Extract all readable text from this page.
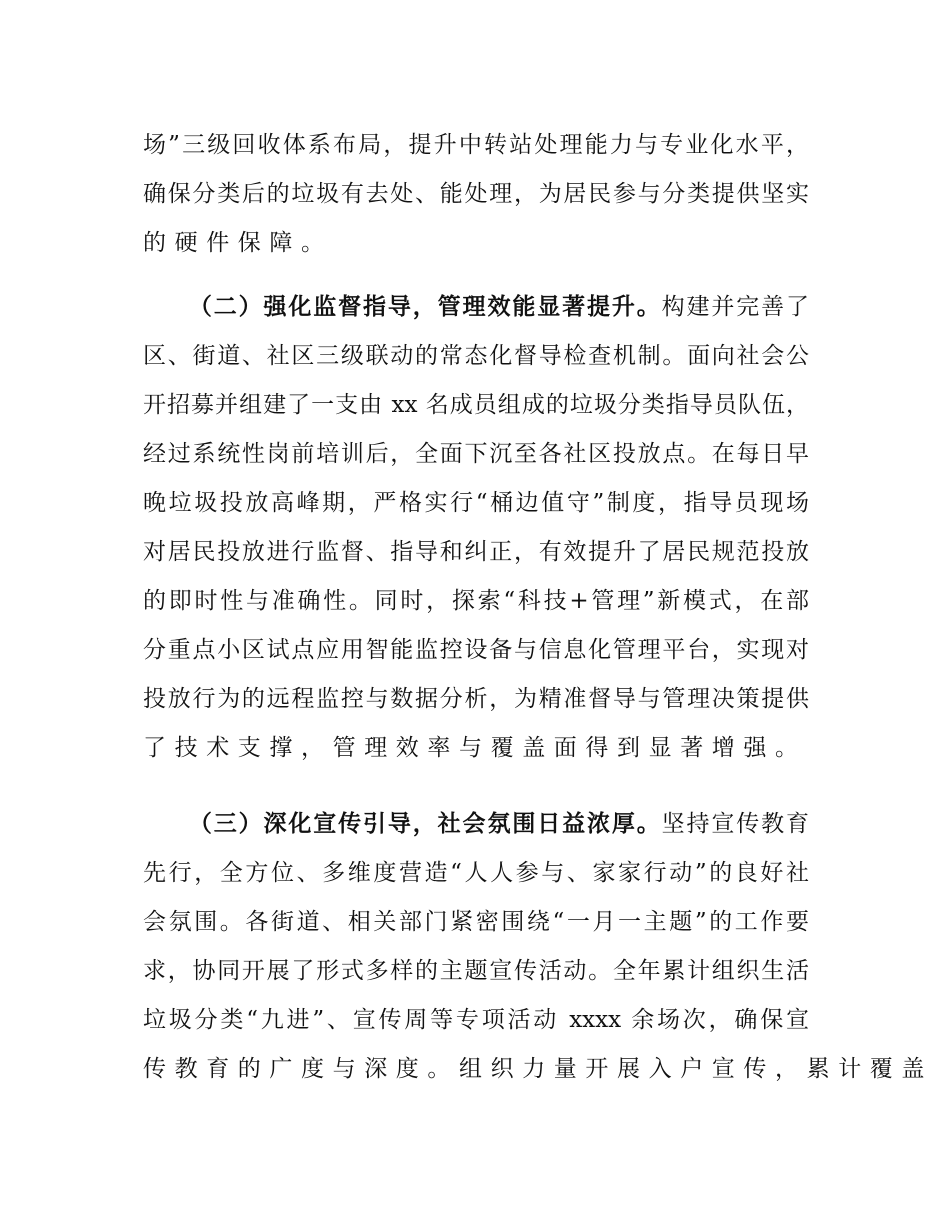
场”三级回收体系布局，提升中转站处理能力与专业化水平，
确保分类后的垃圾有去处、能处理，为居民参与分类提供坚实
的硬件保障。
（二）强化监督指导，管理效能显著提升。构建并完善了
区、街道、社区三级联动的常态化督导检查机制。面向社会公
开招募并组建了一支由 xx 名成员组成的垃圾分类指导员队伍，
经过系统性岗前培训后，全面下沉至各社区投放点。在每日早
晚垃圾投放高峰期，严格实行“桶边值守”制度，指导员现场
对居民投放进行监督、指导和纠正，有效提升了居民规范投放
的即时性与准确性。同时，探索“科技+管理”新模式，在部
分重点小区试点应用智能监控设备与信息化管理平台，实现对
投放行为的远程监控与数据分析，为精准督导与管理决策提供
了技术支撑，管理效率与覆盖面得到显著增强。
（三）深化宣传引导，社会氛围日益浓厚。坚持宣传教育
先行，全方位、多维度营造“人人参与、家家行动”的良好社
会氛围。各街道、相关部门紧密围绕“一月一主题”的工作要
求，协同开展了形式多样的主题宣传活动。全年累计组织生活
垃圾分类“九进”、宣传周等专项活动 xxxx 余场次，确保宣
传教育的广度与深度。组织力量开展入户宣传，累计覆盖
